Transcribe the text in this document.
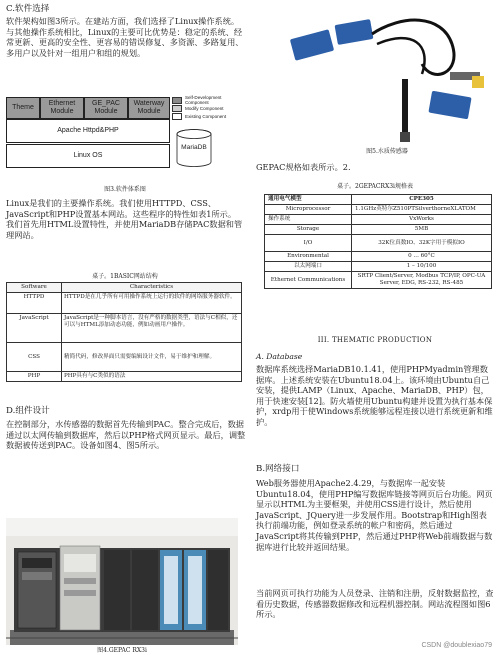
C.软件选择
软件架构如图3所示。在建站方面，我们选择了Linux操作系统。与其他操作系统相比，Linux的主要可比优势是：稳定的系统、经常更新、更高的安全性、更容易的错误修复、多资源、多路复用、多用户以及针对一组用户和组的规划。
Theme
Ethernet Module
GE_PAC Module
Waterway Module
Apache Httpd&PHP
Linux OS
MariaDB
Self-Development Component
Modify Component
Existing Component
图3.软件体系图
Linux是我们的主要操作系统。我们使用HTTPD、CSS、JavaScript和PHP设置基本网站。这些程序的特性如表1所示。我们首先用HTML设置特性，并使用MariaDB存储PAC数据和管理网站。
桌子。1BASIC网站结构
Software	Characteristics
HTTPD	HTTPD是在几乎所有可用操作系统上运行的软件的网络服务器软件。
JavaScript	JavaScript是一种脚本语言，没有严格的数据类型，语法与C相似，还可以与HTML添加动态功能，例如动画用户操作。
CSS	精简代码，修改界面只需要编辑设计文件，易于维护和理解。
PHP	PHP具有与C类似的语法
D.组件设计
在控制部分，水传感器的数据首先传输到PAC。整合完成后，数据通过以太网传输到数据库，然后以PHP格式网页显示。最后，调整数据被传送到PAC。设备如图4、图5所示。
图4.GEPAC RX3i
图5.水质传感器
GEPAC规格如表所示。2.
桌子。2GEPACRX3i规格表
通用电气模型	CPE305
Microprocessor	1.1GHz英特尔Z510PTSilverthorneXLATOM
操作系统	VxWorks
Storage	5MB
I/O	32K位真数IO、32K字用于模拟IO
Environmental	0 ... 60°C
以太网端口	1 – 10/100
Ethernet Communications	SRTP Client/Server, Modbus TCP/IP, OPC-UA Server, EDG, RS-232, RS-485
III. THEMATIC PRODUCTION
A. Database
数据库系统选择MariaDB10.1.41，使用PHPMyadmin管理数据库。上述系统安装在Ubuntu18.04上。该环境由Ubuntu自己安装，提供LAMP（Linux、Apache、MariaDB、PHP）包，用于快速安装[12]。防火墙使用Ubuntu构建并设置为执行基本保护，xrdp用于使Windows系统能够远程连接以进行系统更新和维护。
B.网络接口
Web服务器使用Apache2.4.29，与数据库一起安装Ubuntu18.04，使用PHP编写数据库链接等网页后台功能。网页显示以HTML为主要框架，并使用CSS进行设计，然后使用JavaScript、JQuery进一步发展作用。Bootstrap和High图表执行前端功能，例如登录系统的帐户和密码，然后通过JavaScript将其传输到PHP，然后通过PHP将Web前端数据与数据库进行比较并返回结果。
当前网页可执行功能为人员登录、注销和注册，反射数据监控，查看历史数据，传感器数据修改和远程机器控制。网站流程图如图6所示。
CSDN @doublexiao79
